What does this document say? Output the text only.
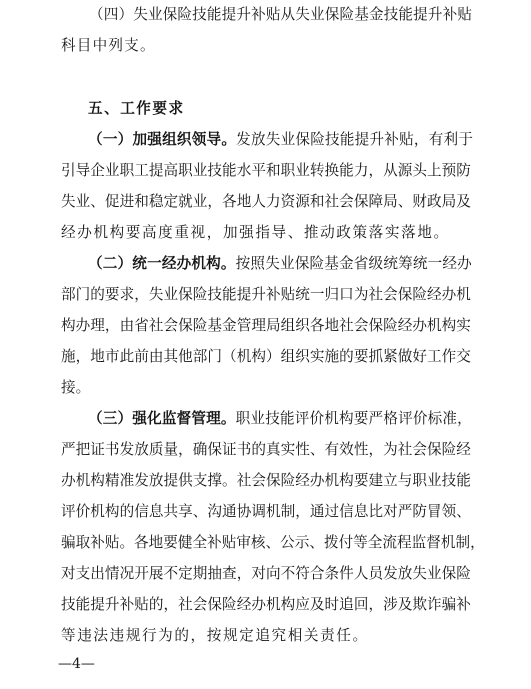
（ 四 ） 失 业 保 险 技 能 提 升 补 贴 从 失 业 保 险 基 金 技 能 提 升 补 贴
科目中列支。
五、工作要求
（ 一 ） 加 强 组 织 领 导 。 发 放 失 业 保 险 技 能 提 升 补 贴 ， 有 利 于
引 导 企 业 职 工 提 高 职 业 技 能 水 平 和 职 业 转 换 能 力 ， 从 源 头 上 预 防
失 业 、 促 进 和 稳 定 就 业 ， 各 地 人 力 资 源 和 社 会 保 障 局 、 财 政 局 及
经办机构要高度重视，加强指导、推动政策落实落地。
（ 二 ） 统 一 经 办 机 构 。 按 照 失 业 保 险 基 金 省 级 统 筹 统 一 经 办
部 门 的 要 求 ， 失 业 保 险 技 能 提 升 补 贴 统 一 归 口 为 社 会 保 险 经 办 机
构 办 理 ， 由 省 社 会 保 险 基 金 管 理 局 组 织 各 地 社 会 保 险 经 办 机 构 实
施 ， 地 市 此 前 由 其 他 部 门 （ 机 构 ） 组 织 实 施 的 要 抓 紧 做 好 工 作 交
接。
（ 三 ） 强 化 监 督 管 理 。 职 业 技 能 评 价 机 构 要 严 格 评 价 标 准 ，
严 把 证 书 发 放 质 量 ， 确 保 证 书 的 真 实 性 、 有 效 性 ， 为 社 会 保 险 经
办 机 构 精 准 发 放 提 供 支 撑 。 社 会 保 险 经 办 机 构 要 建 立 与 职 业 技 能
评 价 机 构 的 信 息 共 享 、 沟 通 协 调 机 制 ， 通 过 信 息 比 对 严 防 冒 领 、
骗 取 补 贴 。 各 地 要 健 全 补 贴 审 核 、 公 示 、 拨 付 等 全 流 程 监 督 机 制 ，
对 支 出 情 况 开 展 不 定 期 抽 查 ， 对 向 不 符 合 条 件 人 员 发 放 失 业 保 险
技 能 提 升 补 贴 的 ， 社 会 保 险 经 办 机 构 应 及 时 追 回 ， 涉 及 欺 诈 骗 补
等违法违规行为的，按规定追究相关责任。
—4—
